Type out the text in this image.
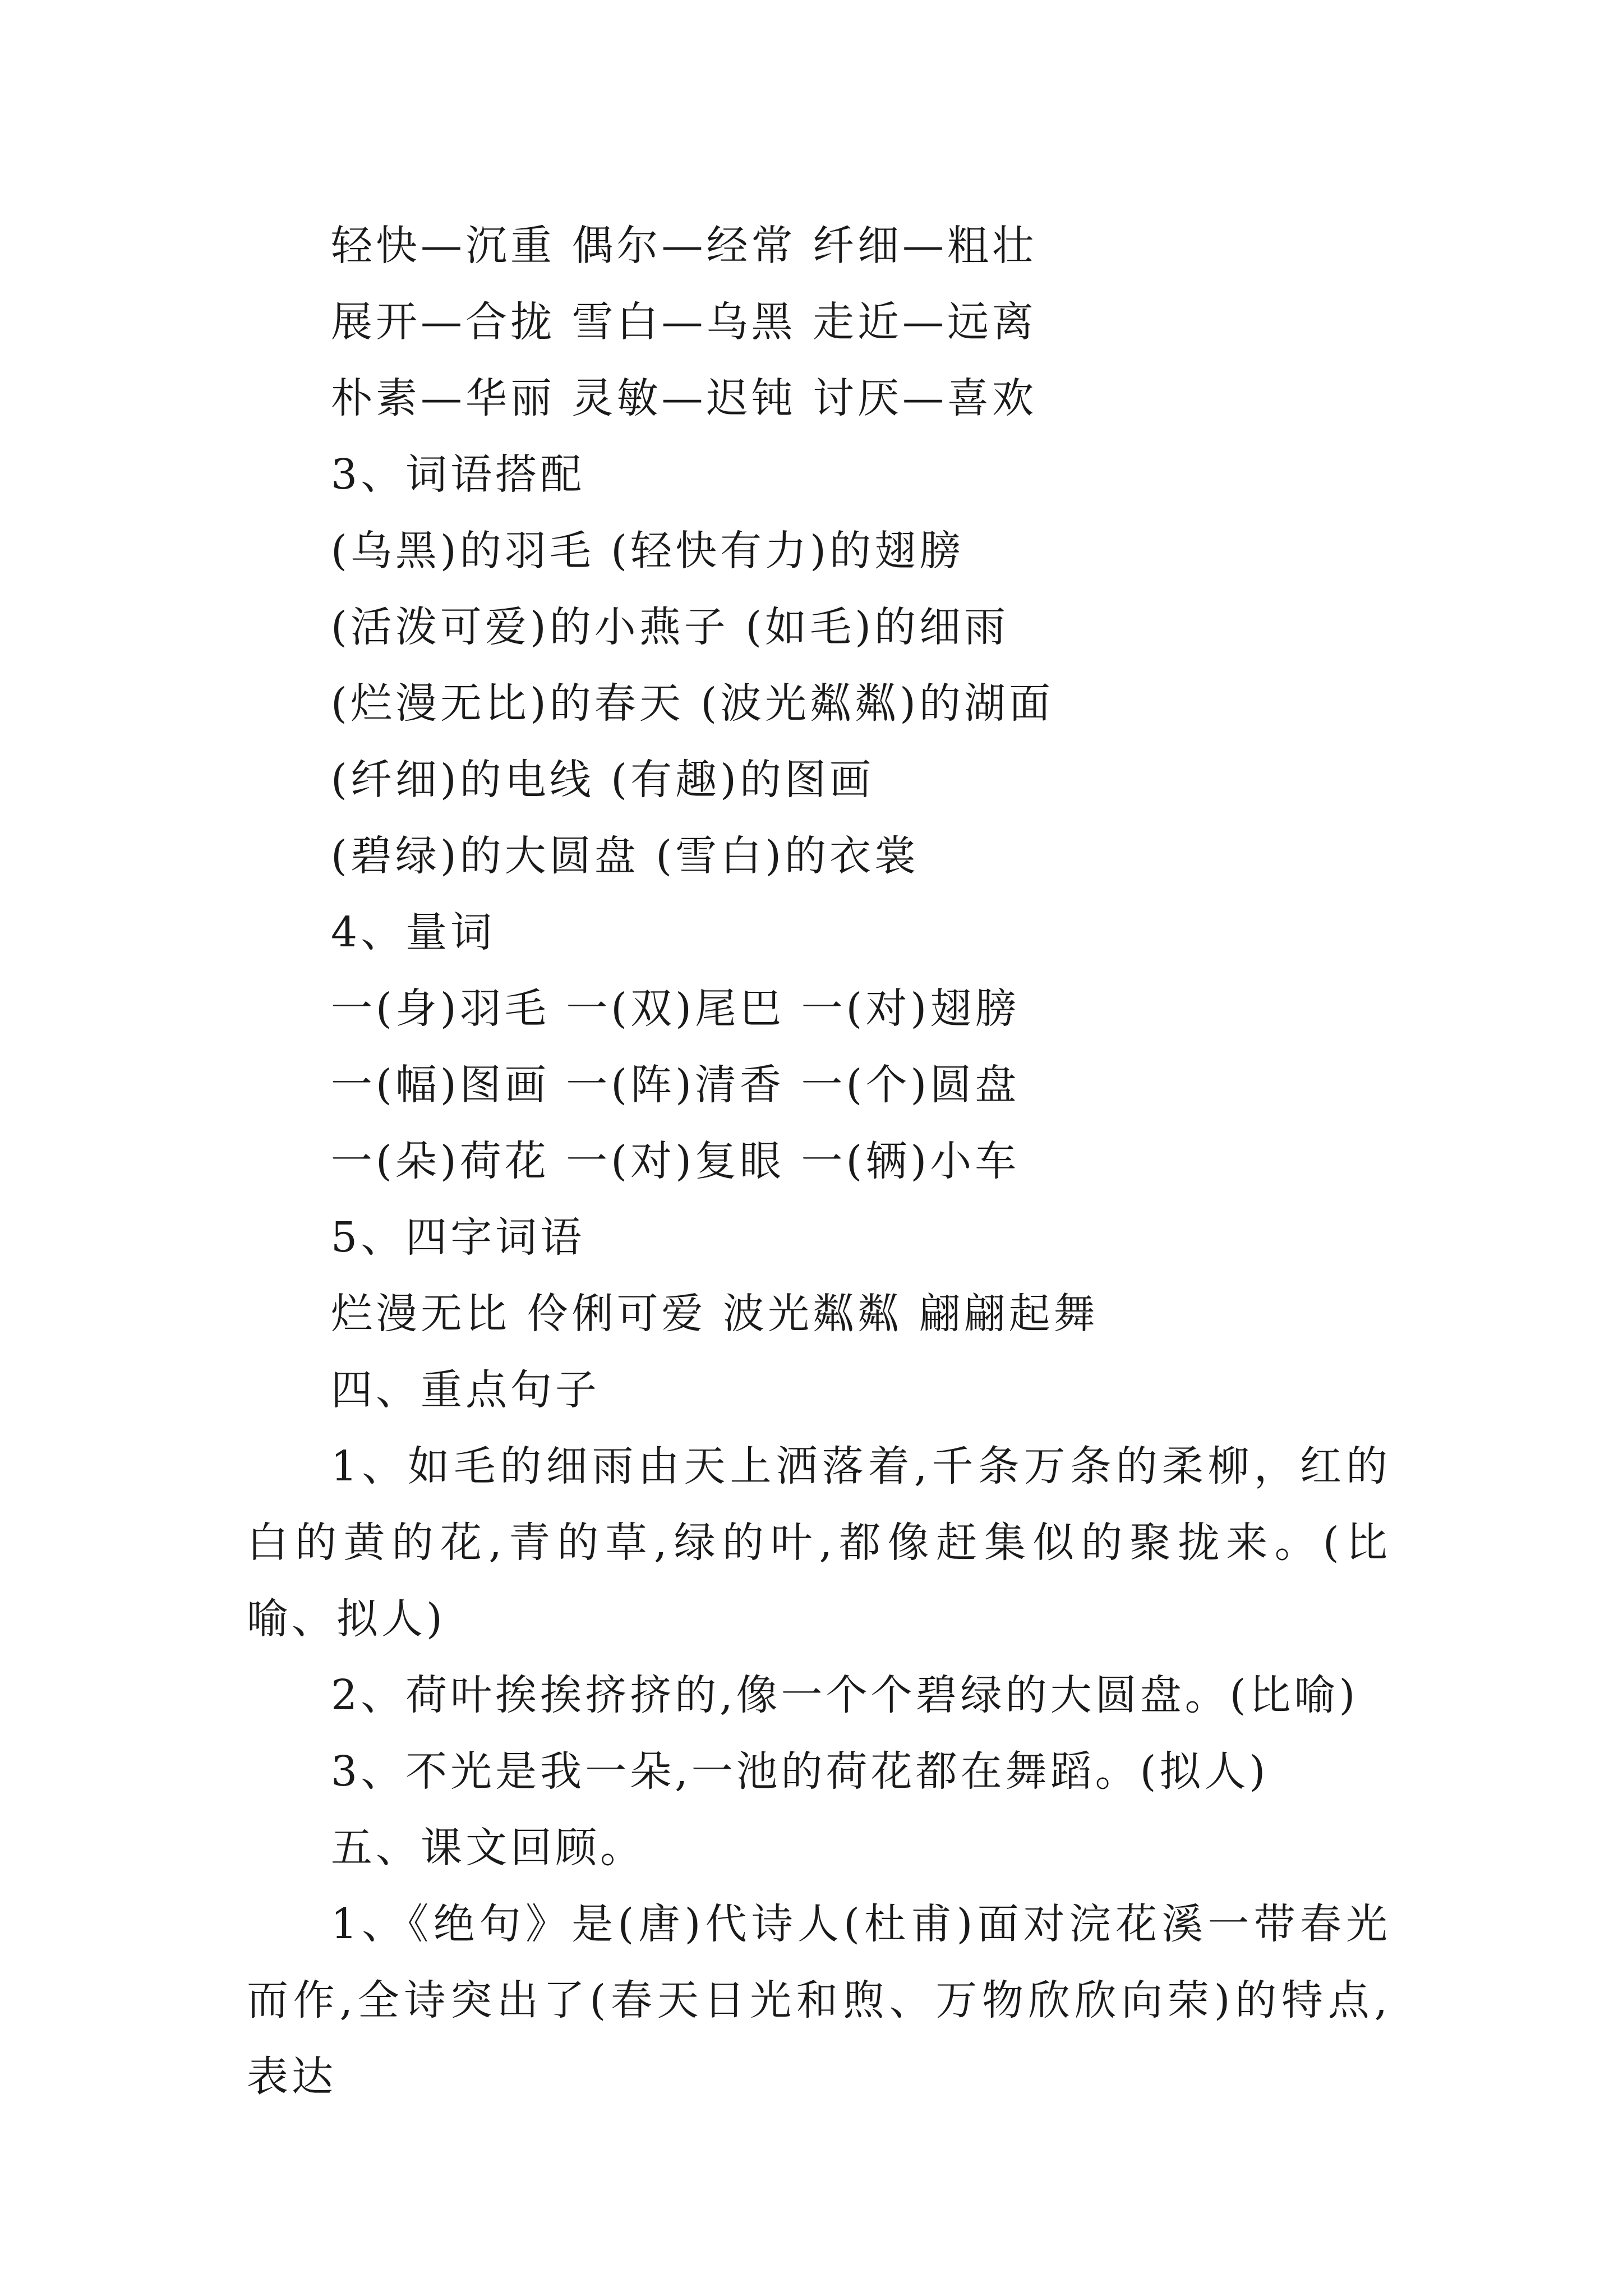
轻快—沉重 偶尔—经常 纤细—粗壮
展开—合拢 雪白—乌黑 走近—远离
朴素—华丽 灵敏—迟钝 讨厌—喜欢
3、词语搭配
(乌黑)的羽毛 (轻快有力)的翅膀
(活泼可爱)的小燕子 (如毛)的细雨
(烂漫无比)的春天 (波光粼粼)的湖面
(纤细)的电线 (有趣)的图画
(碧绿)的大圆盘 (雪白)的衣裳
4、量词
一(身)羽毛 一(双)尾巴 一(对)翅膀
一(幅)图画 一(阵)清香 一(个)圆盘
一(朵)荷花 一(对)复眼 一(辆)小车
5、四字词语
烂漫无比 伶俐可爱 波光粼粼 翩翩起舞
四、重点句子
1、如毛的细雨由天上洒落着,千条万条的柔柳，红的白的黄的花,青的草,绿的叶,都像赶集似的聚拢来。(比喻、拟人)
2、荷叶挨挨挤挤的,像一个个碧绿的大圆盘。(比喻)
3、不光是我一朵,一池的荷花都在舞蹈。(拟人)
五、课文回顾。
1、《绝句》是(唐)代诗人(杜甫)面对浣花溪一带春光而作,全诗突出了(春天日光和煦、万物欣欣向荣)的特点,表达
